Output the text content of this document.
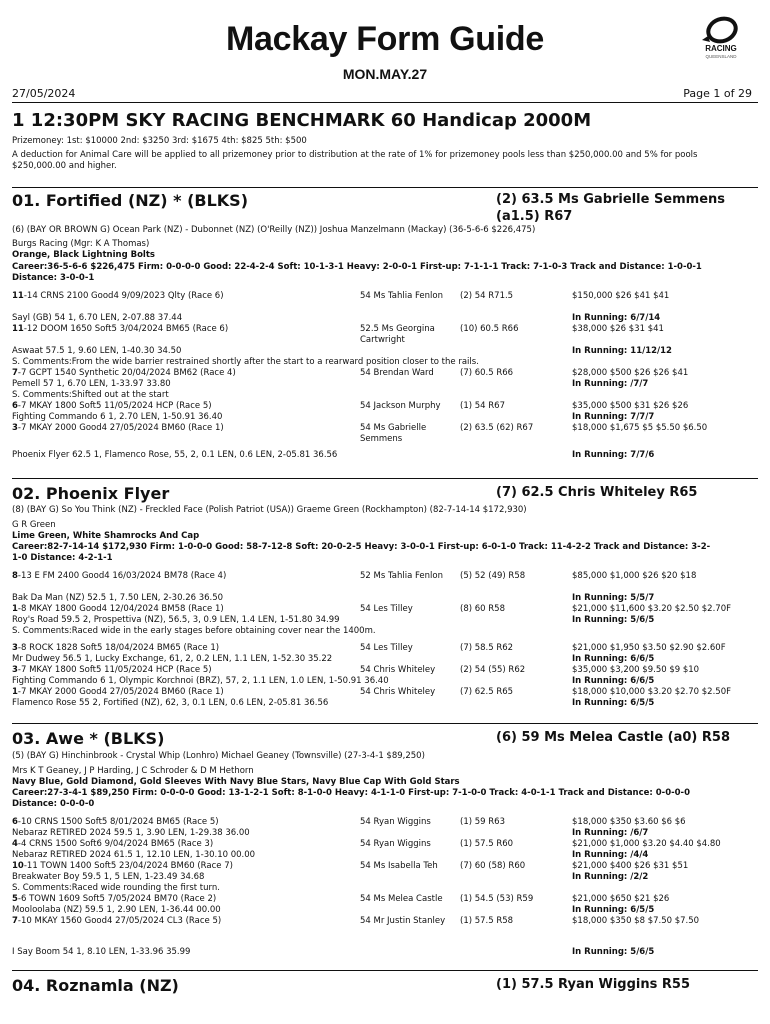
Mackay Form Guide
MON.MAY.27
RACING
QUEENSLAND
27/05/2024	Page 1 of 29
1 12:30PM SKY RACING BENCHMARK 60 Handicap 2000M
Prizemoney: 1st: $10000 2nd: $3250 3rd: $1675 4th: $825 5th: $500
A deduction for Animal Care will be applied to all prizemoney prior to distribution at the rate of 1% for prizemoney pools less than $250,000.00 and 5% for pools $250,000.00 and higher.
01. Fortified (NZ) * (BLKS)	(2) 63.5 Ms Gabrielle Semmens (a1.5) R67
(6) (BAY OR BROWN G) Ocean Park (NZ) - Dubonnet (NZ) (O'Reilly (NZ)) Joshua Manzelmann (Mackay) (36-5-6-6 $226,475)
Burgs Racing (Mgr: K A Thomas)
Orange, Black Lightning Bolts
Career:36-5-6-6 $226,475 Firm: 0-0-0-0 Good: 22-4-2-4 Soft: 10-1-3-1 Heavy: 2-0-0-1 First-up: 7-1-1-1 Track: 7-1-0-3 Track and Distance: 1-0-0-1 Distance: 3-0-0-1
11-14 CRNS 2100 Good4 9/09/2023 Qlty (Race 6)	54 Ms Tahlia Fenlon	(2) 54 R71.5	$150,000 $26 $41 $41
In Running: 6/7/14
Sayl (GB) 54 1, 6.70 LEN, 2-07.88 37.44
11-12 DOOM 1650 Soft5 3/04/2024 BM65 (Race 6)	52.5 Ms Georgina Cartwright
(10) 60.5 R66	$38,000 $26 $31 $41
In Running: 11/12/12
Aswaat 57.5 1, 9.60 LEN, 1-40.30 34.50
S. Comments:From the wide barrier restrained shortly after the start to a rearward position closer to the rails.
7-7 GCPT 1540 Synthetic 20/04/2024 BM62 (Race 4)	54 Brendan Ward	(7) 60.5 R66	$28,000 $500 $26 $26 $41
In Running: /7/7
Pemell 57 1, 6.70 LEN, 1-33.97 33.80
S. Comments:Shifted out at the start
6-7 MKAY 1800 Soft5 11/05/2024 HCP (Race 5)	54 Jackson Murphy	(1) 54 R67	$35,000 $500 $31 $26 $26
In Running: 7/7/7
Fighting Commando 6 1, 2.70 LEN, 1-50.91 36.40
3-7 MKAY 2000 Good4 27/05/2024 BM60 (Race 1)	54 Ms Gabrielle Semmens
(2) 63.5 (62) R67	$18,000 $1,675 $5 $5.50 $6.50
In Running: 7/7/6
Phoenix Flyer 62.5 1, Flamenco Rose, 55, 2, 0.1 LEN, 0.6 LEN, 2-05.81 36.56
02. Phoenix Flyer	(7) 62.5 Chris Whiteley R65
(8) (BAY G) So You Think (NZ) - Freckled Face (Polish Patriot (USA)) Graeme Green (Rockhampton) (82-7-14-14 $172,930)
G R Green
Lime Green, White Shamrocks And Cap
Career:82-7-14-14 $172,930 Firm: 1-0-0-0 Good: 58-7-12-8 Soft: 20-0-2-5 Heavy: 3-0-0-1 First-up: 6-0-1-0 Track: 11-4-2-2 Track and Distance: 3-2-1-0 Distance: 4-2-1-1
8-13 E FM 2400 Good4 16/03/2024 BM78 (Race 4)	52 Ms Tahlia Fenlon	(5) 52 (49) R58	$85,000 $1,000 $26 $20 $18
In Running: 5/5/7
Bak Da Man (NZ) 52.5 1, 7.50 LEN, 2-30.26 36.50
1-8 MKAY 1800 Good4 12/04/2024 BM58 (Race 1)	54 Les Tilley	(8) 60 R58	$21,000 $11,600 $3.20 $2.50 $2.70F
In Running: 5/6/5
Roy's Road 59.5 2, Prospettiva (NZ), 56.5, 3, 0.9 LEN, 1.4 LEN, 1-51.80 34.99
S. Comments:Raced wide in the early stages before obtaining cover near the 1400m.
3-8 ROCK 1828 Soft5 18/04/2024 BM65 (Race 1)	54 Les Tilley	(7) 58.5 R62	$21,000 $1,950 $3.50 $2.90 $2.60F
In Running: 6/6/5
Mr Dudwey 56.5 1, Lucky Exchange, 61, 2, 0.2 LEN, 1.1 LEN, 1-52.30 35.22
3-7 MKAY 1800 Soft5 11/05/2024 HCP (Race 5)	54 Chris Whiteley	(2) 54 (55) R62	$35,000 $3,200 $9.50 $9 $10
In Running: 6/6/5
Fighting Commando 6 1, Olympic Korchnoi (BRZ), 57, 2, 1.1 LEN, 1.0 LEN, 1-50.91 36.40
1-7 MKAY 2000 Good4 27/05/2024 BM60 (Race 1)	54 Chris Whiteley	(7) 62.5 R65	$18,000 $10,000 $3.20 $2.70 $2.50F
In Running: 6/5/5
Flamenco Rose 55 2, Fortified (NZ), 62, 3, 0.1 LEN, 0.6 LEN, 2-05.81 36.56
03. Awe * (BLKS)	(6) 59 Ms Melea Castle (a0) R58
(5) (BAY G) Hinchinbrook - Crystal Whip (Lonhro) Michael Geaney (Townsville) (27-3-4-1 $89,250)
Mrs K T Geaney, J P Harding, J C Schroder & D M Hethorn
Navy Blue, Gold Diamond, Gold Sleeves With Navy Blue Stars, Navy Blue Cap With Gold Stars
Career:27-3-4-1 $89,250 Firm: 0-0-0-0 Good: 13-1-2-1 Soft: 8-1-0-0 Heavy: 4-1-1-0 First-up: 7-1-0-0 Track: 4-0-1-1 Track and Distance: 0-0-0-0 Distance: 0-0-0-0
6-10 CRNS 1500 Soft5 8/01/2024 BM65 (Race 5)	54 Ryan Wiggins	(1) 59 R63	$18,000 $350 $3.60 $6 $6
In Running: /6/7
Nebaraz RETIRED 2024 59.5 1, 3.90 LEN, 1-29.38 36.00
4-4 CRNS 1500 Soft6 9/04/2024 BM65 (Race 3)	54 Ryan Wiggins	(1) 57.5 R60	$21,000 $1,000 $3.20 $4.40 $4.80
In Running: /4/4
Nebaraz RETIRED 2024 61.5 1, 12.10 LEN, 1-30.10 00.00
10-11 TOWN 1400 Soft5 23/04/2024 BM60 (Race 7)	54 Ms Isabella Teh	(7) 60 (58) R60	$21,000 $400 $26 $31 $51
In Running: /2/2
Breakwater Boy 59.5 1, 5 LEN, 1-23.49 34.68
S. Comments:Raced wide rounding the first turn.
5-6 TOWN 1609 Soft5 7/05/2024 BM70 (Race 2)	54 Ms Melea Castle	(1) 54.5 (53) R59	$21,000 $650 $21 $26
In Running: 6/5/5
Mooloolaba (NZ) 59.5 1, 2.90 LEN, 1-36.44 00.00
7-10 MKAY 1560 Good4 27/05/2024 CL3 (Race 5)	54 Mr Justin Stanley	(1) 57.5 R58	$18,000 $350 $8 $7.50 $7.50
In Running: 5/6/5
I Say Boom 54 1, 8.10 LEN, 1-33.96 35.99
04. Roznamla (NZ)	(1) 57.5 Ryan Wiggins R55
